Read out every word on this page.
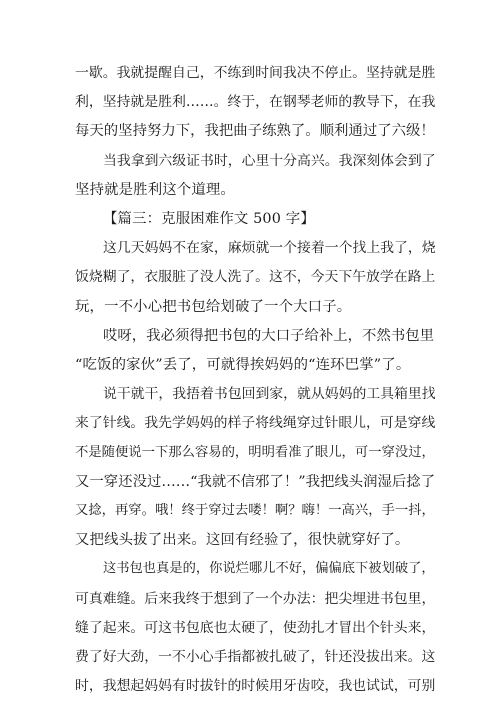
一歇。我就提醒自己，不练到时间我决不停止。坚持就是胜
利，坚持就是胜利……。终于，在钢琴老师的教导下，在我
每天的坚持努力下，我把曲子练熟了。顺利通过了六级！
当我拿到六级证书时，心里十分高兴。我深刻体会到了
坚持就是胜利这个道理。
【篇三：克服困难作文 500 字】
这几天妈妈不在家，麻烦就一个接着一个找上我了，烧
饭烧糊了，衣服脏了没人洗了。这不，今天下午放学在路上
玩，一不小心把书包给划破了一个大口子。
哎呀，我必须得把书包的大口子给补上，不然书包里
“吃饭的家伙”丢了，可就得挨妈妈的“连环巴掌”了。
说干就干，我捂着书包回到家，就从妈妈的工具箱里找
来了针线。我先学妈妈的样子将线绳穿过针眼儿，可是穿线
不是随便说一下那么容易的，明明看准了眼儿，可一穿没过，
又一穿还没过……“我就不信邪了！”我把线头润湿后捻了
又捻，再穿。哦！终于穿过去喽！啊？嗨！一高兴，手一抖，
又把线头拔了出来。这回有经验了，很快就穿好了。
这书包也真是的，你说烂哪儿不好，偏偏底下被划破了，
可真难缝。后来我终于想到了一个办法：把尖埋进书包里，
缝了起来。可这书包底也太硬了，使劲扎才冒出个针头来，
费了好大劲，一不小心手指都被扎破了，针还没拔出来。这
时，我想起妈妈有时拔针的时候用牙齿咬，我也试试，可别
